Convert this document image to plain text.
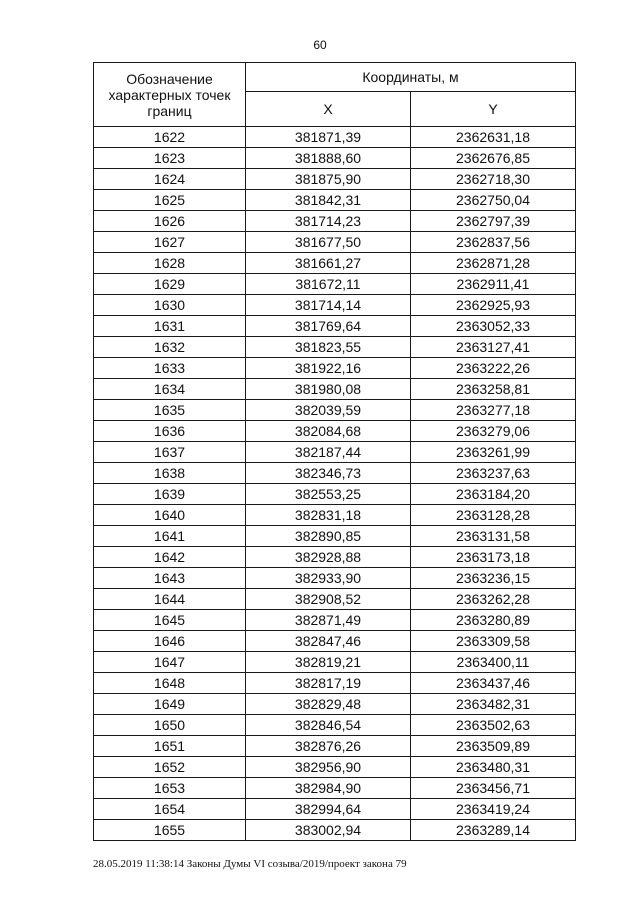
60
Обозначение
характерных точек
границ	Координаты, м	
	X	Y
1622	381871,39	2362631,18
1623	381888,60	2362676,85
1624	381875,90	2362718,30
1625	381842,31	2362750,04
1626	381714,23	2362797,39
1627	381677,50	2362837,56
1628	381661,27	2362871,28
1629	381672,11	2362911,41
1630	381714,14	2362925,93
1631	381769,64	2363052,33
1632	381823,55	2363127,41
1633	381922,16	2363222,26
1634	381980,08	2363258,81
1635	382039,59	2363277,18
1636	382084,68	2363279,06
1637	382187,44	2363261,99
1638	382346,73	2363237,63
1639	382553,25	2363184,20
1640	382831,18	2363128,28
1641	382890,85	2363131,58
1642	382928,88	2363173,18
1643	382933,90	2363236,15
1644	382908,52	2363262,28
1645	382871,49	2363280,89
1646	382847,46	2363309,58
1647	382819,21	2363400,11
1648	382817,19	2363437,46
1649	382829,48	2363482,31
1650	382846,54	2363502,63
1651	382876,26	2363509,89
1652	382956,90	2363480,31
1653	382984,90	2363456,71
1654	382994,64	2363419,24
1655	383002,94	2363289,14
28.05.2019 11:38:14 Законы Думы VI созыва/2019/проект закона 79
